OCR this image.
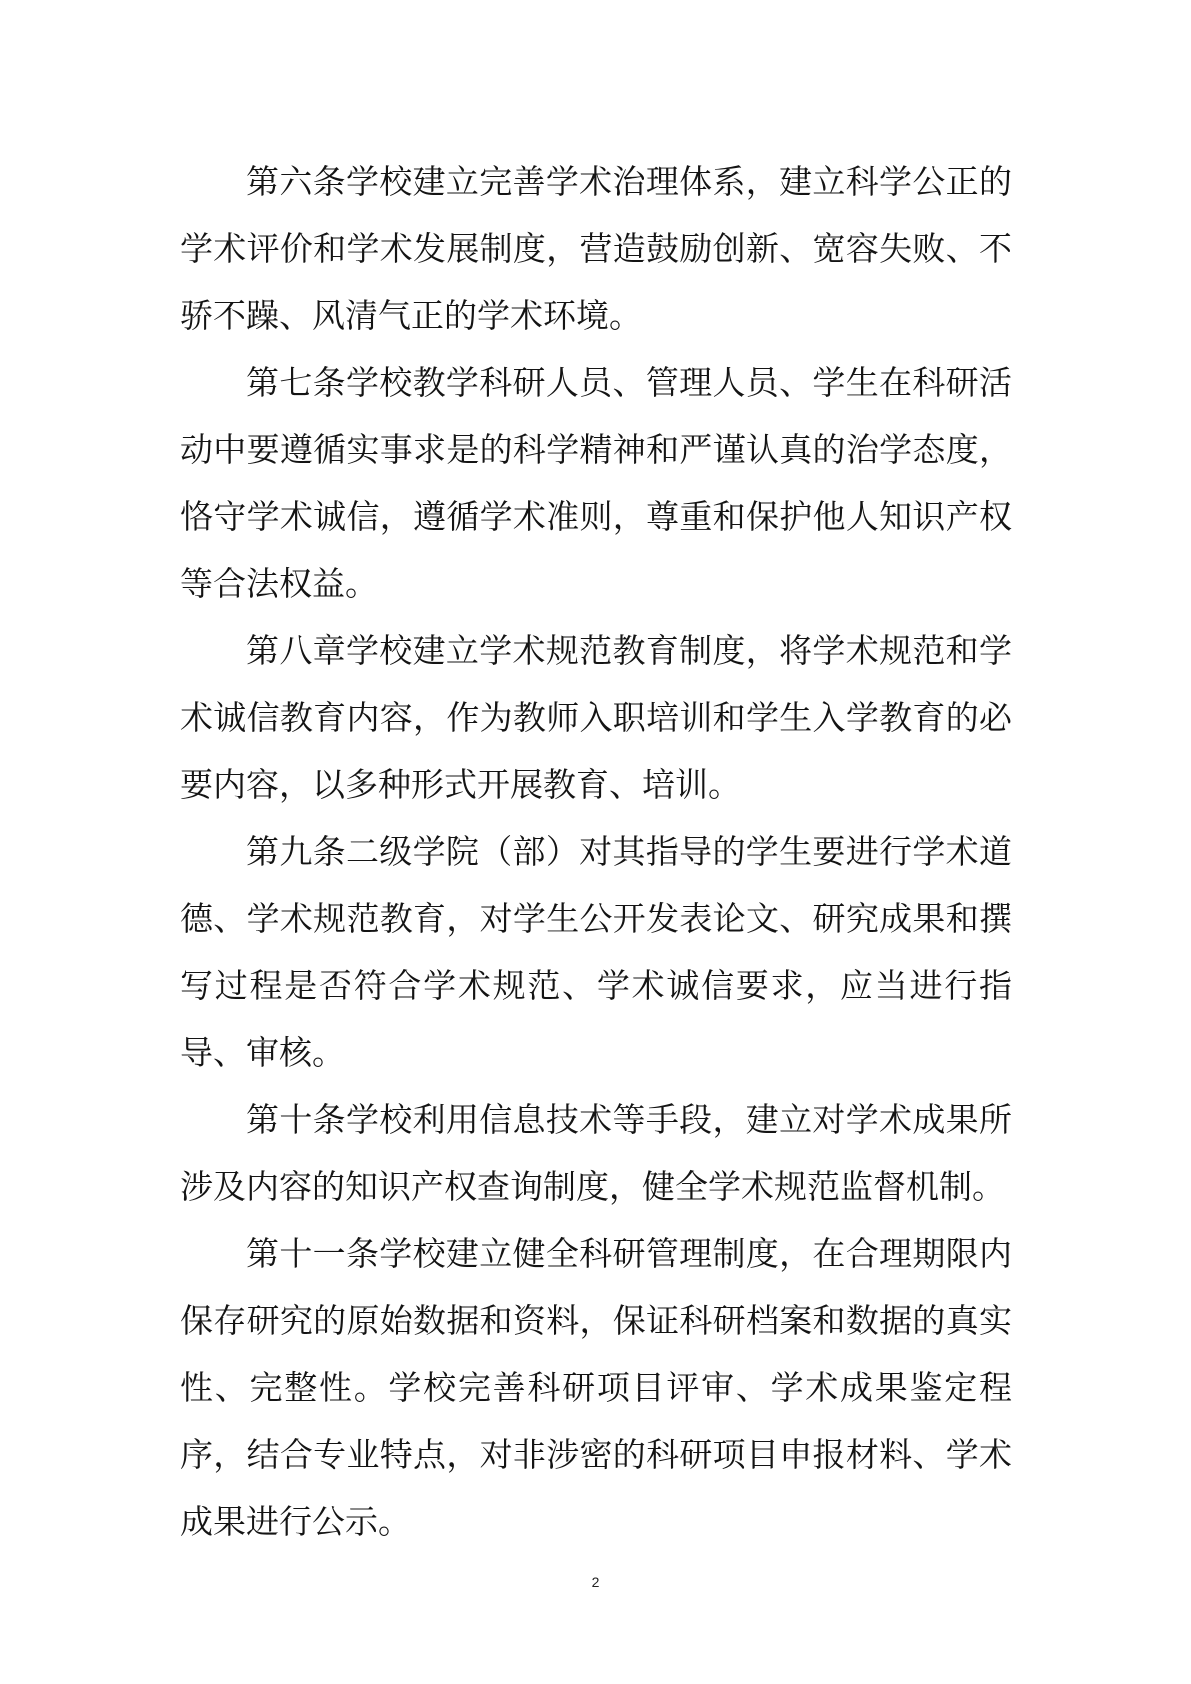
第六条学校建立完善学术治理体系，建立科学公正的学术评价和学术发展制度，营造鼓励创新、宽容失败、不骄不躁、风清气正的学术环境。

第七条学校教学科研人员、管理人员、学生在科研活动中要遵循实事求是的科学精神和严谨认真的治学态度，恪守学术诚信，遵循学术准则，尊重和保护他人知识产权等合法权益。

第八章学校建立学术规范教育制度，将学术规范和学术诚信教育内容，作为教师入职培训和学生入学教育的必要内容，以多种形式开展教育、培训。

第九条二级学院（部）对其指导的学生要进行学术道德、学术规范教育，对学生公开发表论文、研究成果和撰写过程是否符合学术规范、学术诚信要求，应当进行指导、审核。

第十条学校利用信息技术等手段，建立对学术成果所涉及内容的知识产权查询制度，健全学术规范监督机制。

第十一条学校建立健全科研管理制度，在合理期限内保存研究的原始数据和资料，保证科研档案和数据的真实性、完整性。学校完善科研项目评审、学术成果鉴定程序，结合专业特点，对非涉密的科研项目申报材料、学术成果进行公示。

2
